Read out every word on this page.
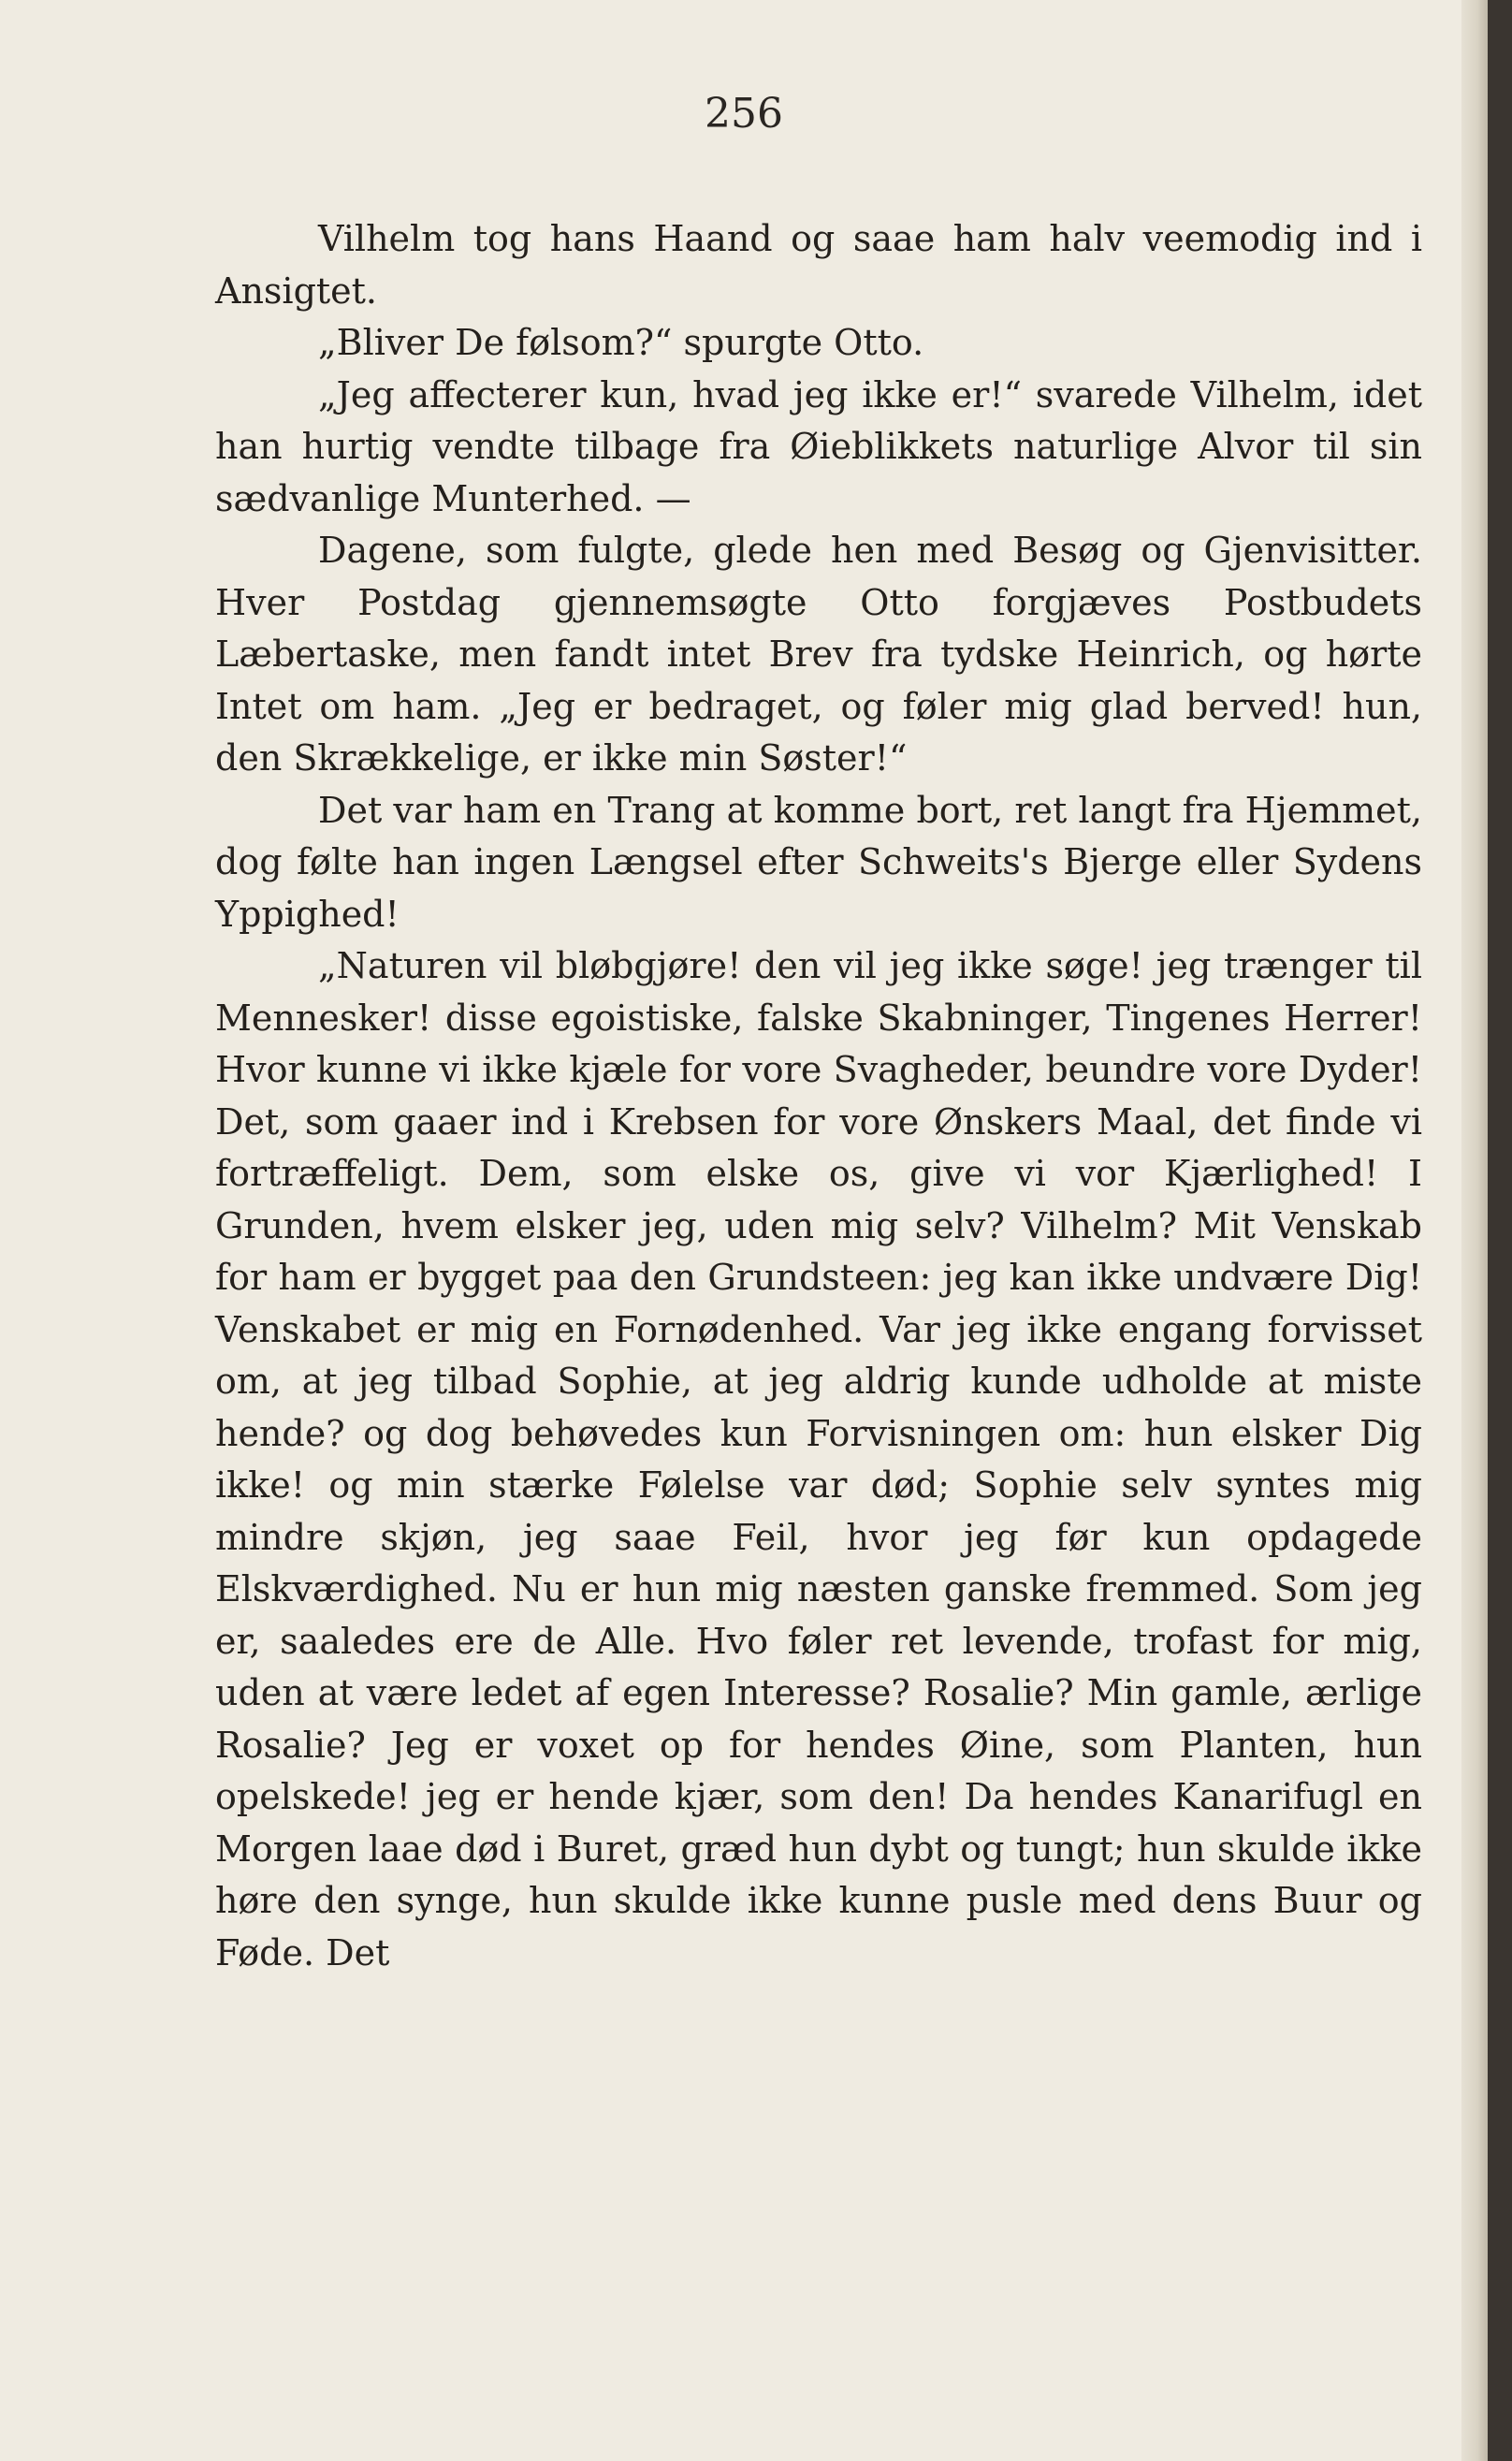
256

Vilhelm tog hans Haand og saae ham halv veemodig ind i Ansigtet.

„Bliver De følsom?“ spurgte Otto.

„Jeg affecterer kun, hvad jeg ikke er!“ svarede Vilhelm, idet han hurtig vendte tilbage fra Øieblikkets naturlige Alvor til sin sædvanlige Munterhed. —

Dagene, som fulgte, glede hen med Besøg og Gjenvisitter. Hver Postdag gjennemsøgte Otto forgjæves Postbudets Læbertaske, men fandt intet Brev fra tydske Heinrich, og hørte Intet om ham. „Jeg er bedraget, og føler mig glad berved! hun, den Skrækkelige, er ikke min Søster!“

Det var ham en Trang at komme bort, ret langt fra Hjemmet, dog følte han ingen Længsel efter Schweits's Bjerge eller Sydens Yppighed!

„Naturen vil bløbgjøre! den vil jeg ikke søge! jeg trænger til Mennesker! disse egoistiske, falske Skabninger, Tingenes Herrer! Hvor kunne vi ikke kjæle for vore Svagheder, beundre vore Dyder! Det, som gaaer ind i Krebsen for vore Ønskers Maal, det finde vi fortræffeligt. Dem, som elske os, give vi vor Kjærlighed! I Grunden, hvem elsker jeg, uden mig selv? Vilhelm? Mit Venskab for ham er bygget paa den Grundsteen: jeg kan ikke undvære Dig! Venskabet er mig en Fornødenhed. Var jeg ikke engang forvisset om, at jeg tilbad Sophie, at jeg aldrig kunde udholde at miste hende? og dog behøvedes kun Forvisningen om: hun elsker Dig ikke! og min stærke Følelse var død; Sophie selv syntes mig mindre skjøn, jeg saae Feil, hvor jeg før kun opdagede Elskværdighed. Nu er hun mig næsten ganske fremmed. Som jeg er, saaledes ere de Alle. Hvo føler ret levende, trofast for mig, uden at være ledet af egen Interesse? Rosalie? Min gamle, ærlige Rosalie? Jeg er voxet op for hendes Øine, som Planten, hun opelskede! jeg er hende kjær, som den! Da hendes Kanarifugl en Morgen laae død i Buret, græd hun dybt og tungt; hun skulde ikke høre den synge, hun skulde ikke kunne pusle med dens Buur og Føde. Det
